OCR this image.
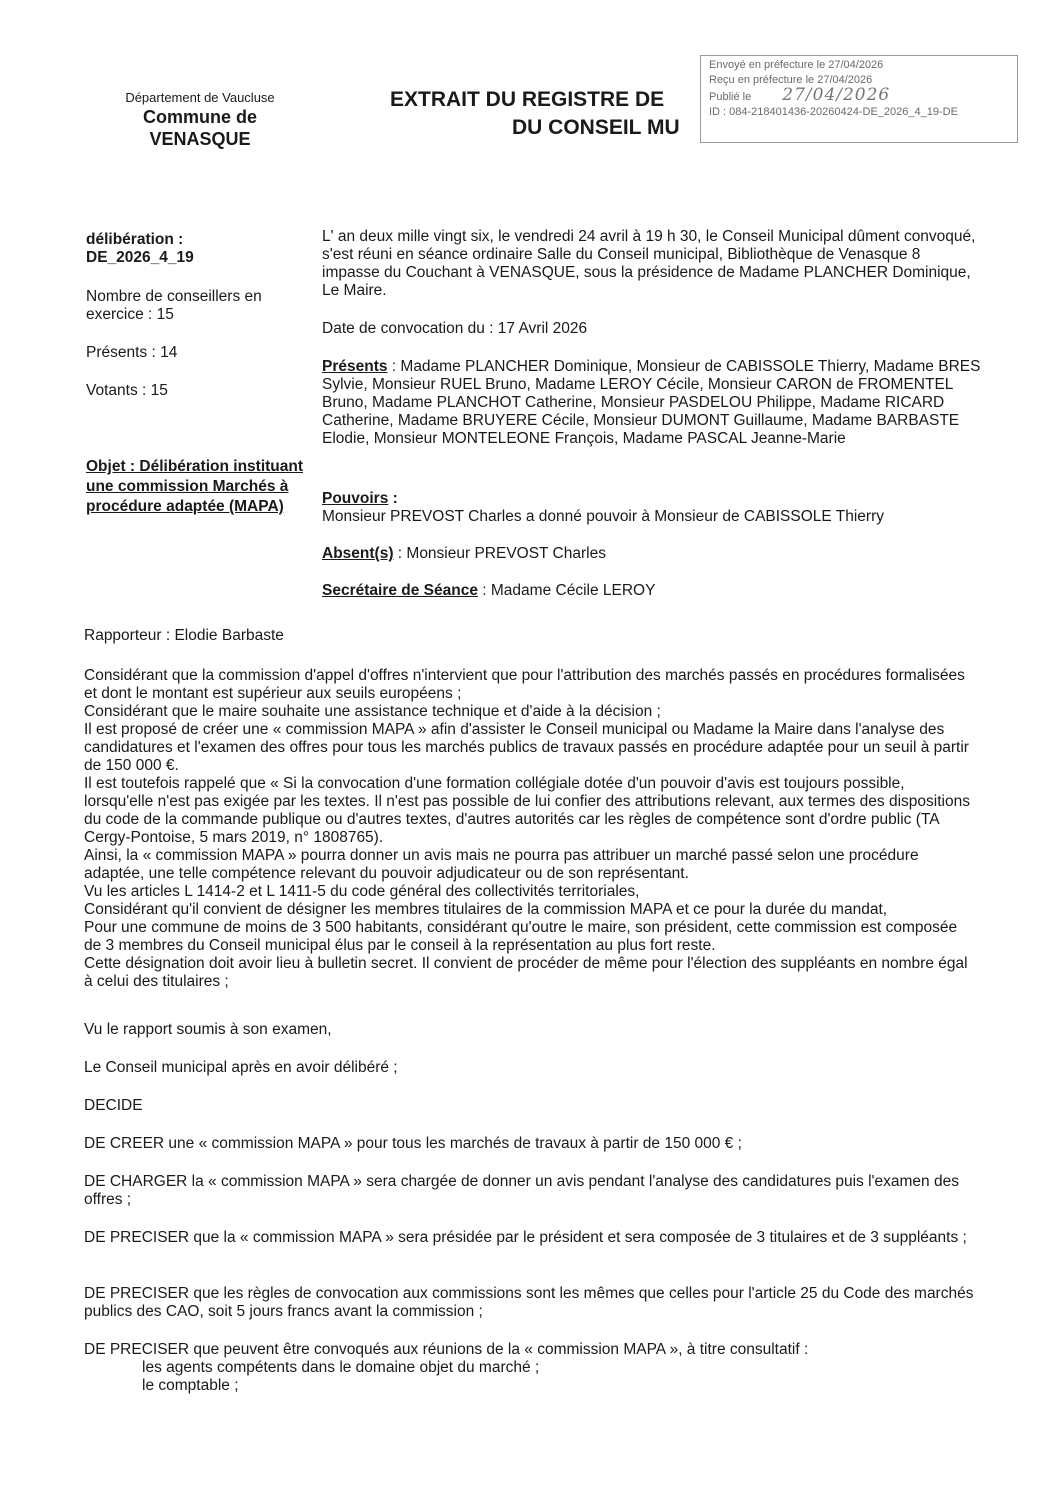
Département de Vaucluse
Commune de
VENASQUE
EXTRAIT DU REGISTRE DE
DU CONSEIL MU
Envoyé en préfecture le 27/04/2026
Reçu en préfecture le 27/04/2026
Publié le 27/04/2026
ID : 084-218401436-20260424-DE_2026_4_19-DE
délibération :
DE_2026_4_19
Nombre de conseillers en exercice : 15
Présents : 14
Votants : 15
Objet : Délibération instituant une commission Marchés à procédure adaptée (MAPA)
L' an deux mille vingt six, le vendredi 24 avril à 19 h 30, le Conseil Municipal dûment convoqué, s'est réuni en séance ordinaire Salle du Conseil municipal, Bibliothèque de Venasque 8 impasse du Couchant à VENASQUE, sous la présidence de Madame PLANCHER Dominique, Le Maire.
Date de convocation du : 17 Avril 2026
Présents : Madame PLANCHER Dominique, Monsieur de CABISSOLE Thierry, Madame BRES Sylvie, Monsieur RUEL Bruno, Madame LEROY Cécile, Monsieur CARON de FROMENTEL Bruno, Madame PLANCHOT Catherine, Monsieur PASDELOU Philippe, Madame RICARD Catherine, Madame BRUYERE Cécile, Monsieur DUMONT Guillaume, Madame BARBASTE Elodie, Monsieur MONTELEONE François, Madame PASCAL Jeanne-Marie
Pouvoirs :
Monsieur PREVOST Charles a donné pouvoir à Monsieur de CABISSOLE Thierry
Absent(s) : Monsieur PREVOST Charles
Secrétaire de Séance : Madame Cécile LEROY
Rapporteur : Elodie Barbaste

Considérant que la commission d'appel d'offres n'intervient que pour l'attribution des marchés passés en procédures formalisées et dont le montant est supérieur aux seuils européens ;

Considérant que le maire souhaite une assistance technique et d'aide à la décision ;

Il est proposé de créer une « commission MAPA » afin d'assister le Conseil municipal ou Madame la Maire dans l'analyse des candidatures et l'examen des offres pour tous les marchés publics de travaux passés en procédure adaptée pour un seuil à partir de 150 000 €.

Il est toutefois rappelé que « Si la convocation d'une formation collégiale dotée d'un pouvoir d'avis est toujours possible, lorsqu'elle n'est pas exigée par les textes. Il n'est pas possible de lui confier des attributions relevant, aux termes des dispositions du code de la commande publique ou d'autres textes, d'autres autorités car les règles de compétence sont d'ordre public (TA Cergy-Pontoise, 5 mars 2019, n° 1808765).

Ainsi, la « commission MAPA » pourra donner un avis mais ne pourra pas attribuer un marché passé selon une procédure adaptée, une telle compétence relevant du pouvoir adjudicateur ou de son représentant.

Vu les articles L 1414-2 et L 1411-5 du code général des collectivités territoriales,

Considérant qu'il convient de désigner les membres titulaires de la commission MAPA et ce pour la durée du mandat,

Pour une commune de moins de 3 500 habitants, considérant qu'outre le maire, son président, cette commission est composée de 3 membres du Conseil municipal élus par le conseil à la représentation au plus fort reste.

Cette désignation doit avoir lieu à bulletin secret. Il convient de procéder de même pour l'élection des suppléants en nombre égal à celui des titulaires ;

Vu le rapport soumis à son examen,
Le Conseil municipal après en avoir délibéré ;
DECIDE
DE CREER une « commission MAPA » pour tous les marchés de travaux à partir de 150 000 € ;
DE CHARGER la « commission MAPA » sera chargée de donner un avis pendant l'analyse des candidatures puis l'examen des offres ;
DE PRECISER que la « commission MAPA » sera présidée par le président et sera composée de 3 titulaires et de 3 suppléants ;
DE PRECISER que les règles de convocation aux commissions sont les mêmes que celles pour l'article 25 du Code des marchés publics des CAO, soit 5 jours francs avant la commission ;

DE PRECISER que peuvent être convoqués aux réunions de la « commission MAPA », à titre consultatif :

les agents compétents dans le domaine objet du marché ;

le comptable ;
